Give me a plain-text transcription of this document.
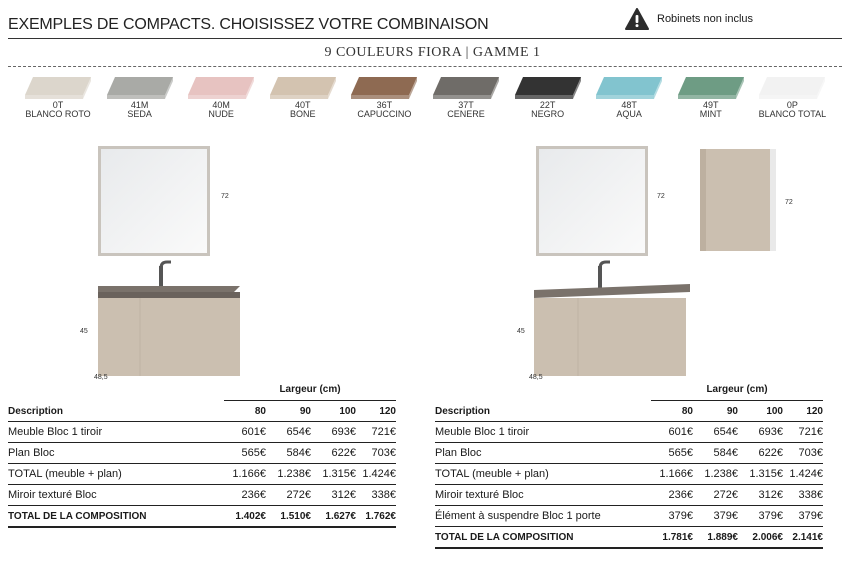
EXEMPLES DE COMPACTS. CHOISISSEZ VOTRE COMBINAISON	Robinets non inclus
9 COULEURS FIORA | GAMME 1
0T
BLANCO ROTO
41M
SEDA
40M
NUDE
40T
BONE
36T
CAPUCCINO
37T
CENERE
22T
NEGRO
48T
AQUA
49T
MINT
0P
BLANCO TOTAL
72
45
48,5
72
72
45
48,5
Largeur (cm)
Description	80	90	100	120
Meuble Bloc 1 tiroir	601€	654€	693€	721€
Plan Bloc	565€	584€	622€	703€
TOTAL (meuble + plan)	1.166€	1.238€	1.315€	1.424€
Miroir texturé Bloc	236€	272€	312€	338€
TOTAL DE LA COMPOSITION	1.402€	1.510€	1.627€	1.762€
Largeur (cm)
Description	80	90	100	120
Meuble Bloc 1 tiroir	601€	654€	693€	721€
Plan Bloc	565€	584€	622€	703€
TOTAL (meuble + plan)	1.166€	1.238€	1.315€	1.424€
Miroir texturé Bloc	236€	272€	312€	338€
Élément à suspendre Bloc 1 porte	379€	379€	379€	379€
TOTAL DE LA COMPOSITION	1.781€	1.889€	2.006€	2.141€
